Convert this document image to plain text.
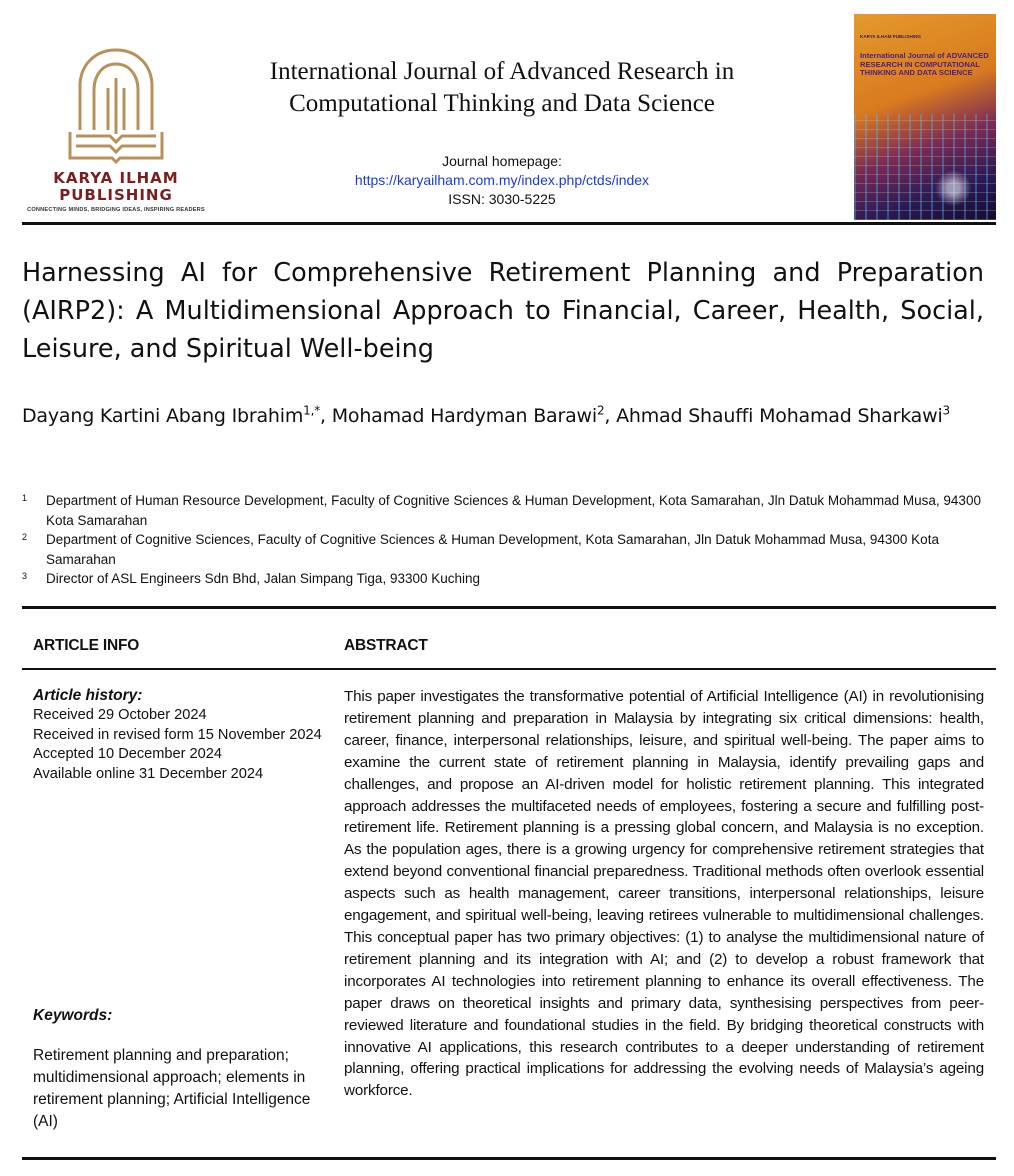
KARYA ILHAM
PUBLISHING
CONNECTING MINDS, BRIDGING IDEAS, INSPIRING READERS
International Journal of Advanced Research in Computational Thinking and Data Science
Journal homepage:
https://karyailham.com.my/index.php/ctds/index
ISSN: 3030-5225
KARYA ILHAM PUBLISHING
International Journal of ADVANCED RESEARCH IN COMPUTATIONAL THINKING AND DATA SCIENCE
Harnessing AI for Comprehensive Retirement Planning and Preparation (AIRP2): A Multidimensional Approach to Financial, Career, Health, Social, Leisure, and Spiritual Well-being
Dayang Kartini Abang Ibrahim$^{1,*}$, Mohamad Hardyman Barawi$^2$, Ahmad Shauffi Mohamad Sharkawi$^3$
1 Department of Human Resource Development, Faculty of Cognitive Sciences & Human Development, Kota Samarahan, Jln Datuk Mohammad Musa, 94300 Kota Samarahan
2 Department of Cognitive Sciences, Faculty of Cognitive Sciences & Human Development, Kota Samarahan, Jln Datuk Mohammad Musa, 94300 Kota Samarahan
3 Director of ASL Engineers Sdn Bhd, Jalan Simpang Tiga, 93300 Kuching
ARTICLE INFO	ABSTRACT
Article history:
Received 29 October 2024
Received in revised form 15 November 2024
Accepted 10 December 2024
Available online 31 December 2024
Keywords:
Retirement planning and preparation; multidimensional approach; elements in retirement planning; Artificial Intelligence (AI)

This paper investigates the transformative potential of Artificial Intelligence (AI) in revolutionising retirement planning and preparation in Malaysia by integrating six critical dimensions: health, career, finance, interpersonal relationships, leisure, and spiritual well-being. The paper aims to examine the current state of retirement planning in Malaysia, identify prevailing gaps and challenges, and propose an AI-driven model for holistic retirement planning. This integrated approach addresses the multifaceted needs of employees, fostering a secure and fulfilling post-retirement life. Retirement planning is a pressing global concern, and Malaysia is no exception. As the population ages, there is a growing urgency for comprehensive retirement strategies that extend beyond conventional financial preparedness. Traditional methods often overlook essential aspects such as health management, career transitions, interpersonal relationships, leisure engagement, and spiritual well-being, leaving retirees vulnerable to multidimensional challenges. This conceptual paper has two primary objectives: (1) to analyse the multidimensional nature of retirement planning and its integration with AI; and (2) to develop a robust framework that incorporates AI technologies into retirement planning to enhance its overall effectiveness. The paper draws on theoretical insights and primary data, synthesising perspectives from peer-reviewed literature and foundational studies in the field. By bridging theoretical constructs with innovative AI applications, this research contributes to a deeper understanding of retirement planning, offering practical implications for addressing the evolving needs of Malaysia’s ageing workforce.
